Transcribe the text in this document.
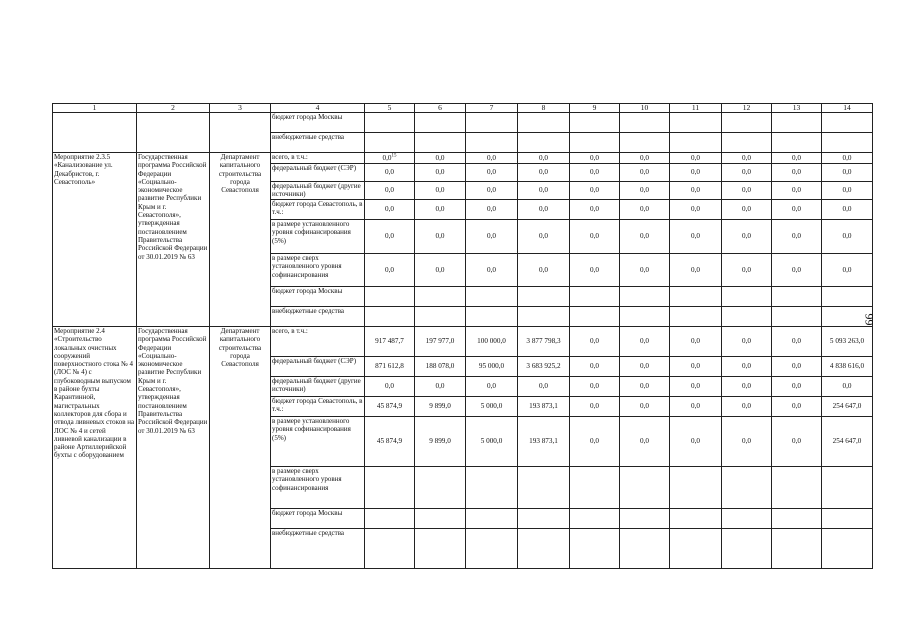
1	2	3	4	5	6	7	8	9	10	11	12	13	14
			бюджет города Москвы										
			внебюджетные средства										
Мероприятие 2.3.5 «Канализование ул. Декабристов, г. Севастополь»	Государственная программа Российской Федерации «Социально-экономическое развитие Республики Крым и г. Севастополя», утвержденная постановлением Правительства Российской Федерации от 30.01.2019 № 63	Департамент капитального строительства города Севастополя	всего, в т.ч.:	$0,0^{15}$	0,0	0,0	0,0	0,0	0,0	0,0	0,0	0,0	0,0
			федеральный бюджет (СЭР)	0,0	0,0	0,0	0,0	0,0	0,0	0,0	0,0	0,0	0,0
			федеральный бюджет (другие источники)	0,0	0,0	0,0	0,0	0,0	0,0	0,0	0,0	0,0	0,0
			бюджет города Севастополь, в т.ч.:	0,0	0,0	0,0	0,0	0,0	0,0	0,0	0,0	0,0	0,0
			в размере установленного уровня софинансирования (5%)	0,0	0,0	0,0	0,0	0,0	0,0	0,0	0,0	0,0	0,0
			в размере сверх установленного уровня софинансирования	0,0	0,0	0,0	0,0	0,0	0,0	0,0	0,0	0,0	0,0
			бюджет города Москвы										
			внебюджетные средства										
Мероприятие 2.4 «Строительство локальных очистных сооружений поверхностного стока № 4 (ЛОС № 4) с глубоководным выпуском в районе бухты Карантинной, магистральных коллекторов для сбора и отвода ливневых стоков на ЛОС № 4 и сетей ливневой канализации в районе Артиллерийской бухты с оборудованием	Государственная программа Российской Федерации «Социально-экономическое развитие Республики Крым и г. Севастополя», утвержденная постановлением Правительства Российской Федерации от 30.01.2019 № 63	Департамент капитального строительства города Севастополя	всего, в т.ч.:	917 487,7	197 977,0	100 000,0	3 877 798,3	0,0	0,0	0,0	0,0	0,0	5 093 263,0
			федеральный бюджет (СЭР)	871 612,8	188 078,0	95 000,0	3 683 925,2	0,0	0,0	0,0	0,0	0,0	4 838 616,0
			федеральный бюджет (другие источники)	0,0	0,0	0,0	0,0	0,0	0,0	0,0	0,0	0,0	0,0
			бюджет города Севастополь, в т.ч.:	45 874,9	9 899,0	5 000,0	193 873,1	0,0	0,0	0,0	0,0	0,0	254 647,0
			в размере установленного уровня софинансирования (5%)	45 874,9	9 899,0	5 000,0	193 873,1	0,0	0,0	0,0	0,0	0,0	254 647,0
			в размере сверх установленного уровня софинансирования										
			бюджет города Москвы										
			внебюджетные средства										
99
